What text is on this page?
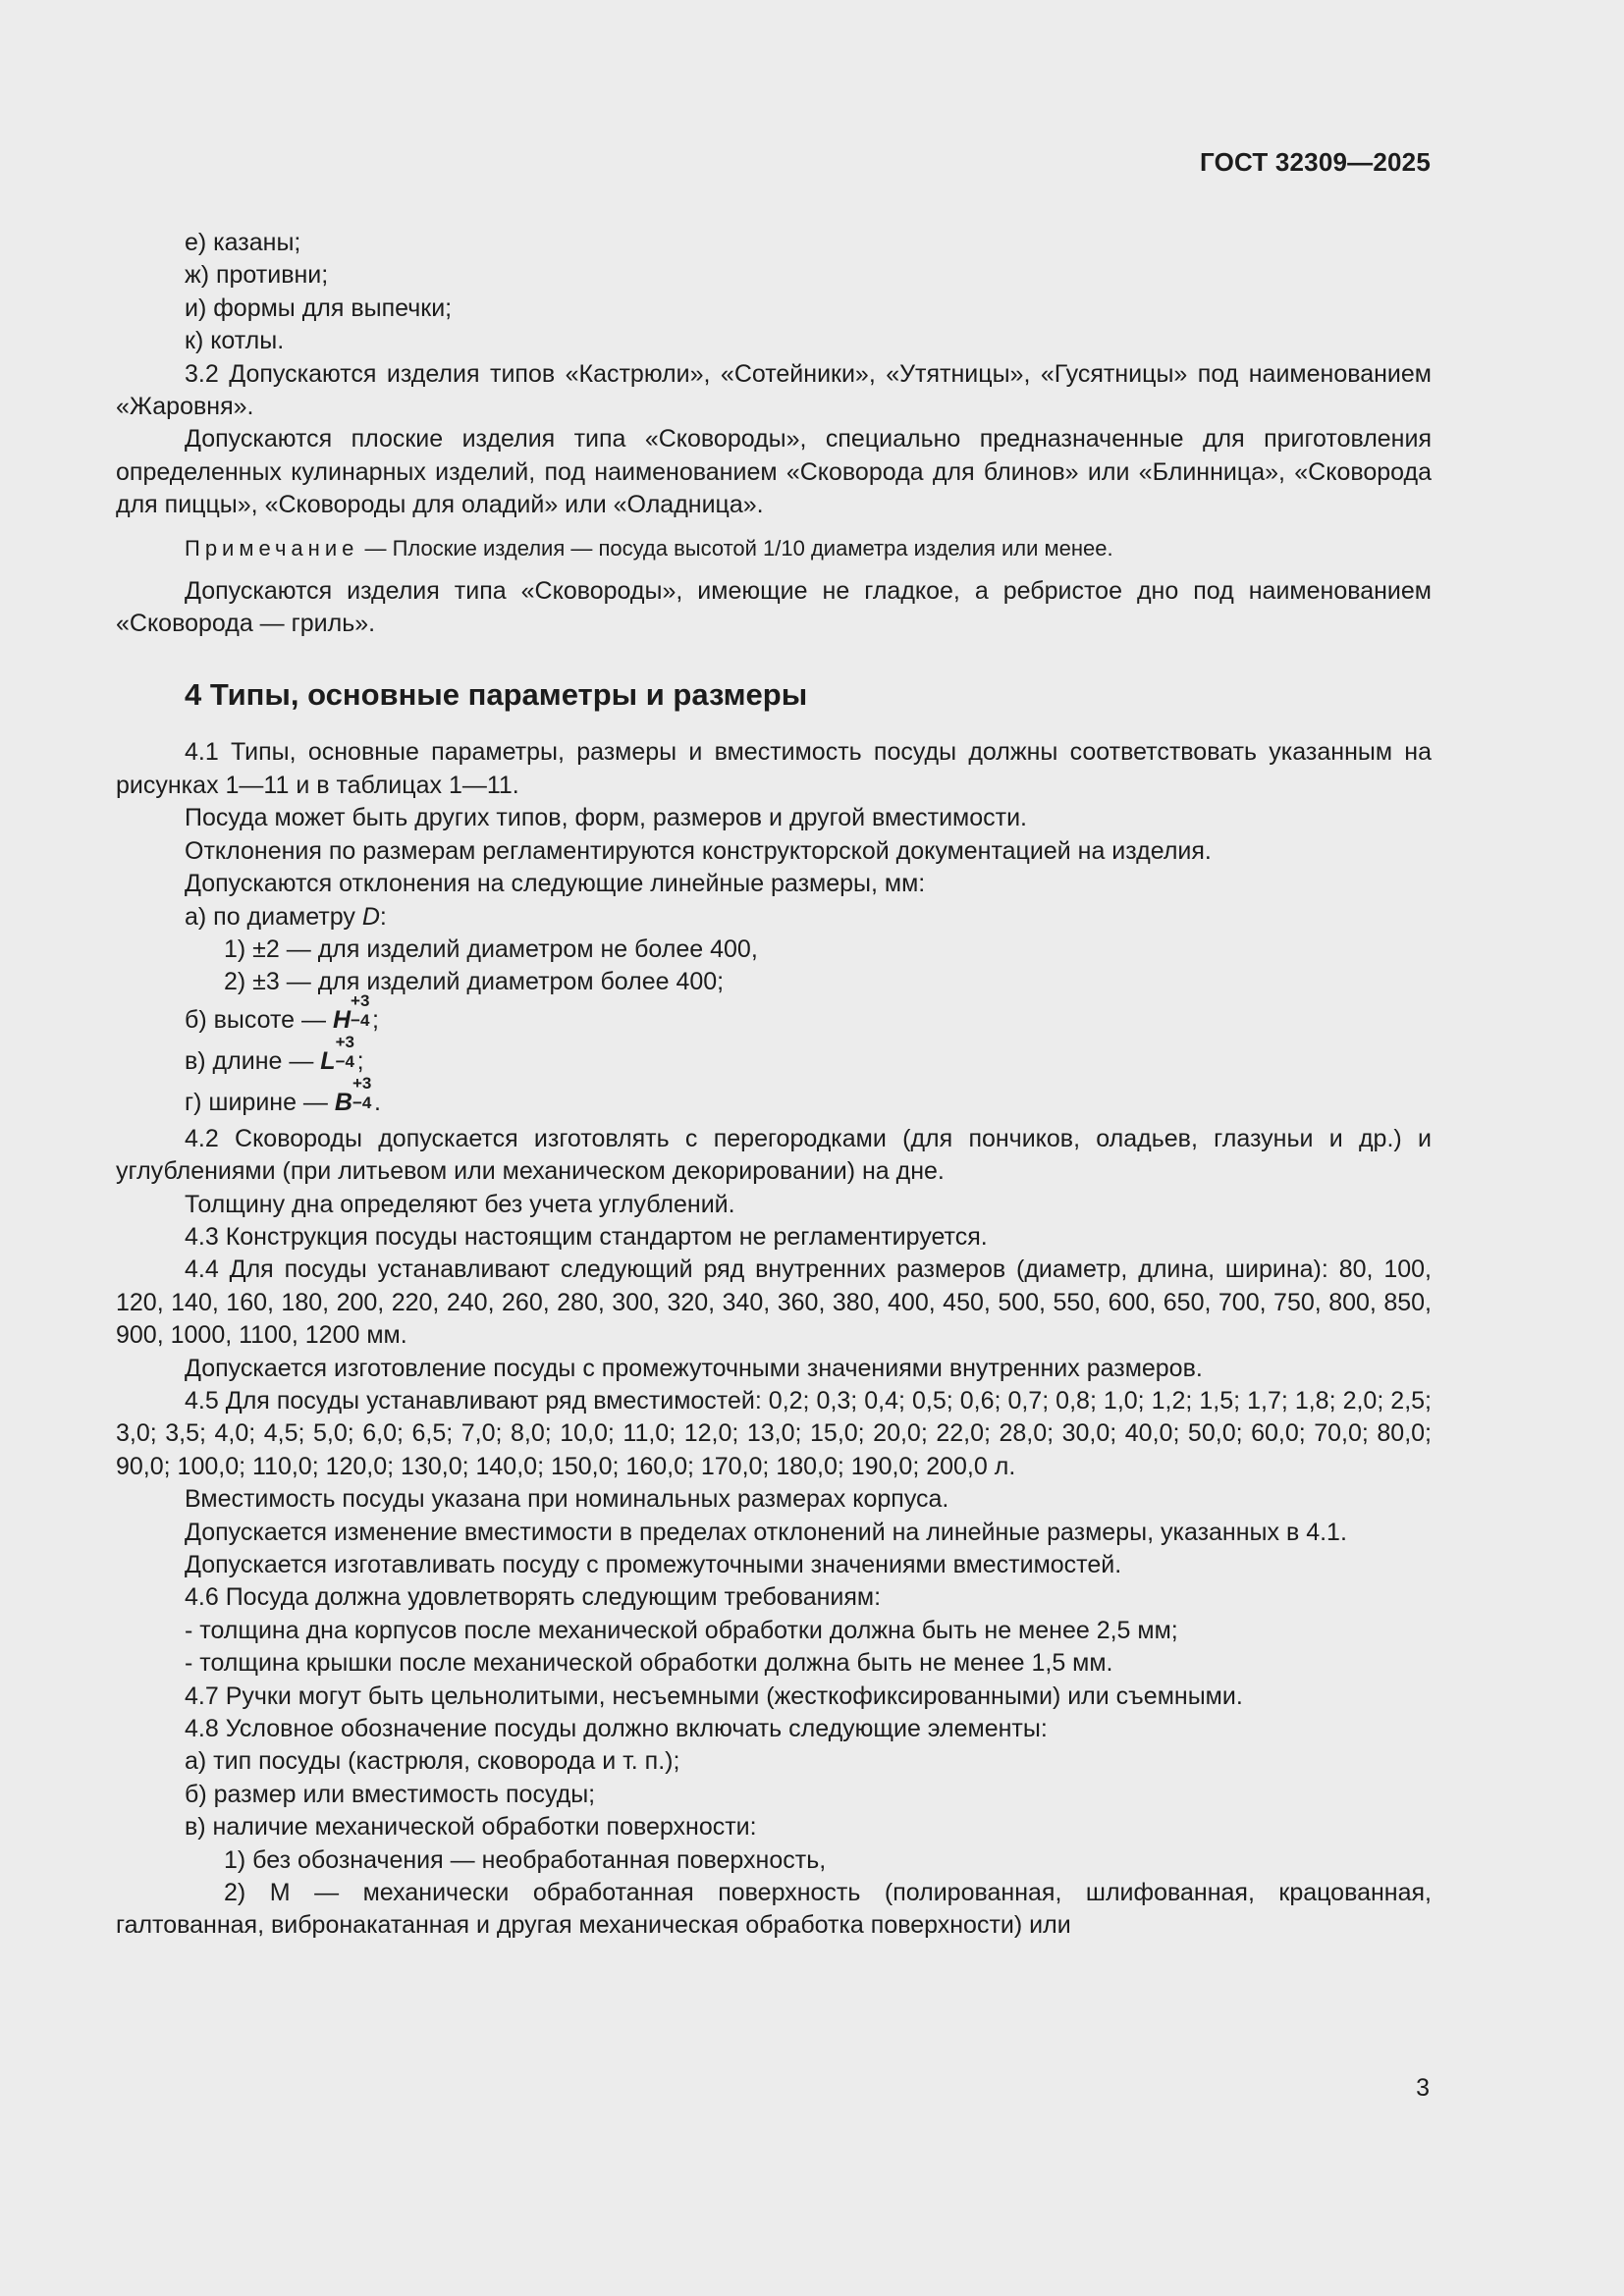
ГОСТ 32309—2025

е) казаны;

ж) противни;

и) формы для выпечки;

к) котлы.

3.2 Допускаются изделия типов «Кастрюли», «Сотейники», «Утятницы», «Гусятницы» под наименованием «Жаровня».

Допускаются плоские изделия типа «Сковороды», специально предназначенные для приготовления определенных кулинарных изделий, под наименованием «Сковорода для блинов» или «Блинница», «Сковорода для пиццы», «Сковороды для оладий» или «Оладница».

Примечание — Плоские изделия — посуда высотой 1/10 диаметра изделия или менее.

Допускаются изделия типа «Сковороды», имеющие не гладкое, а ребристое дно под наименованием «Сковорода — гриль».

4 Типы, основные параметры и размеры

4.1 Типы, основные параметры, размеры и вместимость посуды должны соответствовать указанным на рисунках 1—11 и в таблицах 1—11.

Посуда может быть других типов, форм, размеров и другой вместимости.

Отклонения по размерам регламентируются конструкторской документацией на изделия.

Допускаются отклонения на следующие линейные размеры, мм:

а) по диаметру D:

1) ±2 — для изделий диаметром не более 400,

2) ±3 — для изделий диаметром более 400;

б) высоте — H
+3
−4 ;

в) длине — L
+3
−4 ;

г) ширине — B
+3
−4 .

4.2 Сковороды допускается изготовлять с перегородками (для пончиков, оладьев, глазуньи и др.) и углублениями (при литьевом или механическом декорировании) на дне.

Толщину дна определяют без учета углублений.

4.3 Конструкция посуды настоящим стандартом не регламентируется.

4.4 Для посуды устанавливают следующий ряд внутренних размеров (диаметр, длина, ширина): 80, 100, 120, 140, 160, 180, 200, 220, 240, 260, 280, 300, 320, 340, 360, 380, 400, 450, 500, 550, 600, 650, 700, 750, 800, 850, 900, 1000, 1100, 1200 мм.

Допускается изготовление посуды с промежуточными значениями внутренних размеров.

4.5 Для посуды устанавливают ряд вместимостей: 0,2; 0,3; 0,4; 0,5; 0,6; 0,7; 0,8; 1,0; 1,2; 1,5; 1,7; 1,8; 2,0; 2,5; 3,0; 3,5; 4,0; 4,5; 5,0; 6,0; 6,5; 7,0; 8,0; 10,0; 11,0; 12,0; 13,0; 15,0; 20,0; 22,0; 28,0; 30,0; 40,0; 50,0; 60,0; 70,0; 80,0; 90,0; 100,0; 110,0; 120,0; 130,0; 140,0; 150,0; 160,0; 170,0; 180,0; 190,0; 200,0 л.

Вместимость посуды указана при номинальных размерах корпуса.

Допускается изменение вместимости в пределах отклонений на линейные размеры, указанных в 4.1.

Допускается изготавливать посуду с промежуточными значениями вместимостей.

4.6 Посуда должна удовлетворять следующим требованиям:

- толщина дна корпусов после механической обработки должна быть не менее 2,5 мм;

- толщина крышки после механической обработки должна быть не менее 1,5 мм.

4.7 Ручки могут быть цельнолитыми, несъемными (жесткофиксированными) или съемными.

4.8 Условное обозначение посуды должно включать следующие элементы:

а) тип посуды (кастрюля, сковорода и т. п.);

б) размер или вместимость посуды;

в) наличие механической обработки поверхности:

1) без обозначения — необработанная поверхность,

2) М — механически обработанная поверхность (полированная, шлифованная, крацованная, галтованная, вибронакатанная и другая механическая обработка поверхности) или

3
